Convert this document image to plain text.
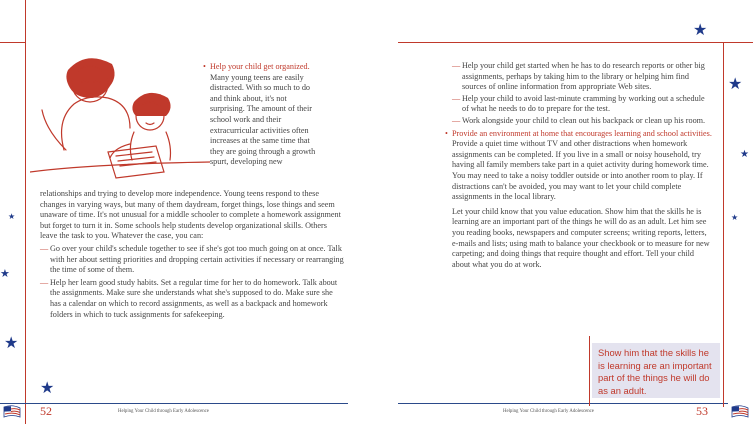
★
★
★
★
★
★
★
★
• Help your child get organized. Many young teens are easily distracted. With so much to do and think about, it's not surprising. The amount of their school work and their extracurricular activities often increases at the same time that they are going through a growth spurt, developing new

relationships and trying to develop more independence. Young teens respond to these changes in varying ways, but many of them daydream, forget things, lose things and seem unaware of time. It's not unusual for a middle schooler to complete a homework assignment but forget to turn it in. Some schools help students develop organizational skills. Others leave the task to you. Whatever the case, you can:

— Go over your child's schedule together to see if she's got too much going on at once. Talk with her about setting priorities and dropping certain activities if necessary or rearranging the time of some of them.
— Help her learn good study habits. Set a regular time for her to do homework. Talk about the assignments. Make sure she understands what she's supposed to do. Make sure she has a calendar on which to record assignments, as well as a backpack and homework folders in which to tuck assignments for safekeeping.
— Help your child get started when he has to do research reports or other big assignments, perhaps by taking him to the library or helping him find sources of online information from appropriate Web sites.
— Help your child to avoid last-minute cramming by working out a schedule of what he needs to do to prepare for the test.
— Work alongside your child to clean out his backpack or clean up his room.
• Provide an environment at home that encourages learning and school activities. Provide a quiet time without TV and other distractions when homework assignments can be completed. If you live in a small or noisy household, try having all family members take part in a quiet activity during homework time. You may need to take a noisy toddler outside or into another room to play. If distractions can't be avoided, you may want to let your child complete assignments in the local library.

Let your child know that you value education. Show him that the skills he is learning are an important part of the things he will do as an adult. Let him see you reading books, newspapers and computer screens; writing reports, letters, e-mails and lists; using math to balance your checkbook or to measure for new carpeting; and doing things that require thought and effort. Tell your child about what you do at work.

Show him that the skills he is learning are an important part of the things he will do as an adult.
52	Helping Your Child through Early Adolescence	Helping Your Child through Early Adolescence	53
